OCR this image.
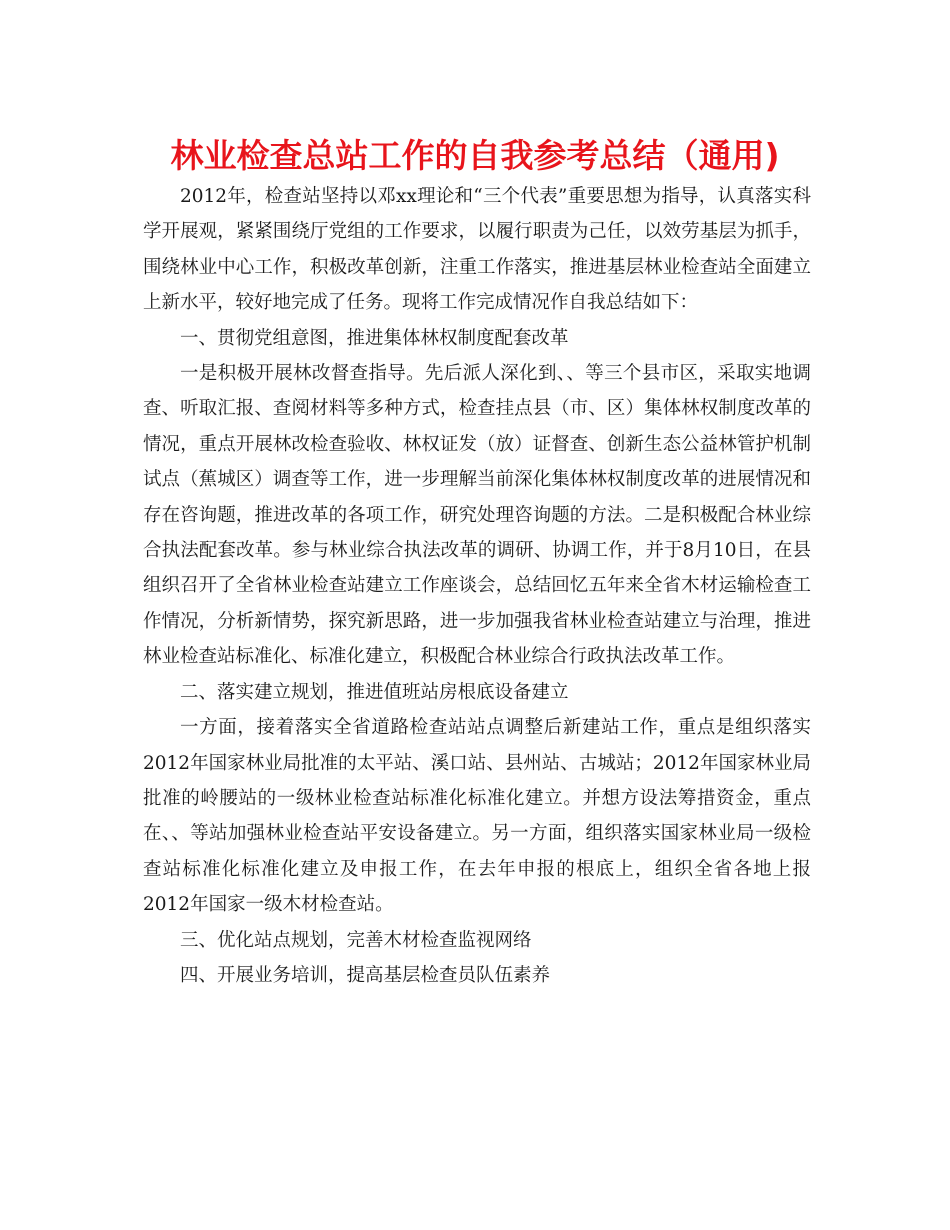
林业检查总站工作的自我参考总结（通用)

2012年，检查站坚持以邓xx理论和“三个代表”重要思想为指导，认真落实科学开展观，紧紧围绕厅党组的工作要求，以履行职责为己任，以效劳基层为抓手，围绕林业中心工作，积极改革创新，注重工作落实，推进基层林业检查站全面建立上新水平，较好地完成了任务。现将工作完成情况作自我总结如下：

一、贯彻党组意图，推进集体林权制度配套改革

一是积极开展林改督查指导。先后派人深化到、、等三个县市区，采取实地调查、听取汇报、查阅材料等多种方式，检查挂点县（市、区）集体林权制度改革的情况，重点开展林改检查验收、林权证发（放）证督查、创新生态公益林管护机制试点（蕉城区）调查等工作，进一步理解当前深化集体林权制度改革的进展情况和存在咨询题，推进改革的各项工作，研究处理咨询题的方法。二是积极配合林业综合执法配套改革。参与林业综合执法改革的调研、协调工作，并于8月10日，在县组织召开了全省林业检查站建立工作座谈会，总结回忆五年来全省木材运输检查工作情况，分析新情势，探究新思路，进一步加强我省林业检查站建立与治理，推进林业检查站标准化、标准化建立，积极配合林业综合行政执法改革工作。

二、落实建立规划，推进值班站房根底设备建立

一方面，接着落实全省道路检查站站点调整后新建站工作，重点是组织落实2012年国家林业局批准的太平站、溪口站、县州站、古城站；2012年国家林业局批准的岭腰站的一级林业检查站标准化标准化建立。并想方设法筹措资金，重点在、、等站加强林业检查站平安设备建立。另一方面，组织落实国家林业局一级检查站标准化标准化建立及申报工作，在去年申报的根底上，组织全省各地上报2012年国家一级木材检查站。

三、优化站点规划，完善木材检查监视网络

四、开展业务培训，提高基层检查员队伍素养
